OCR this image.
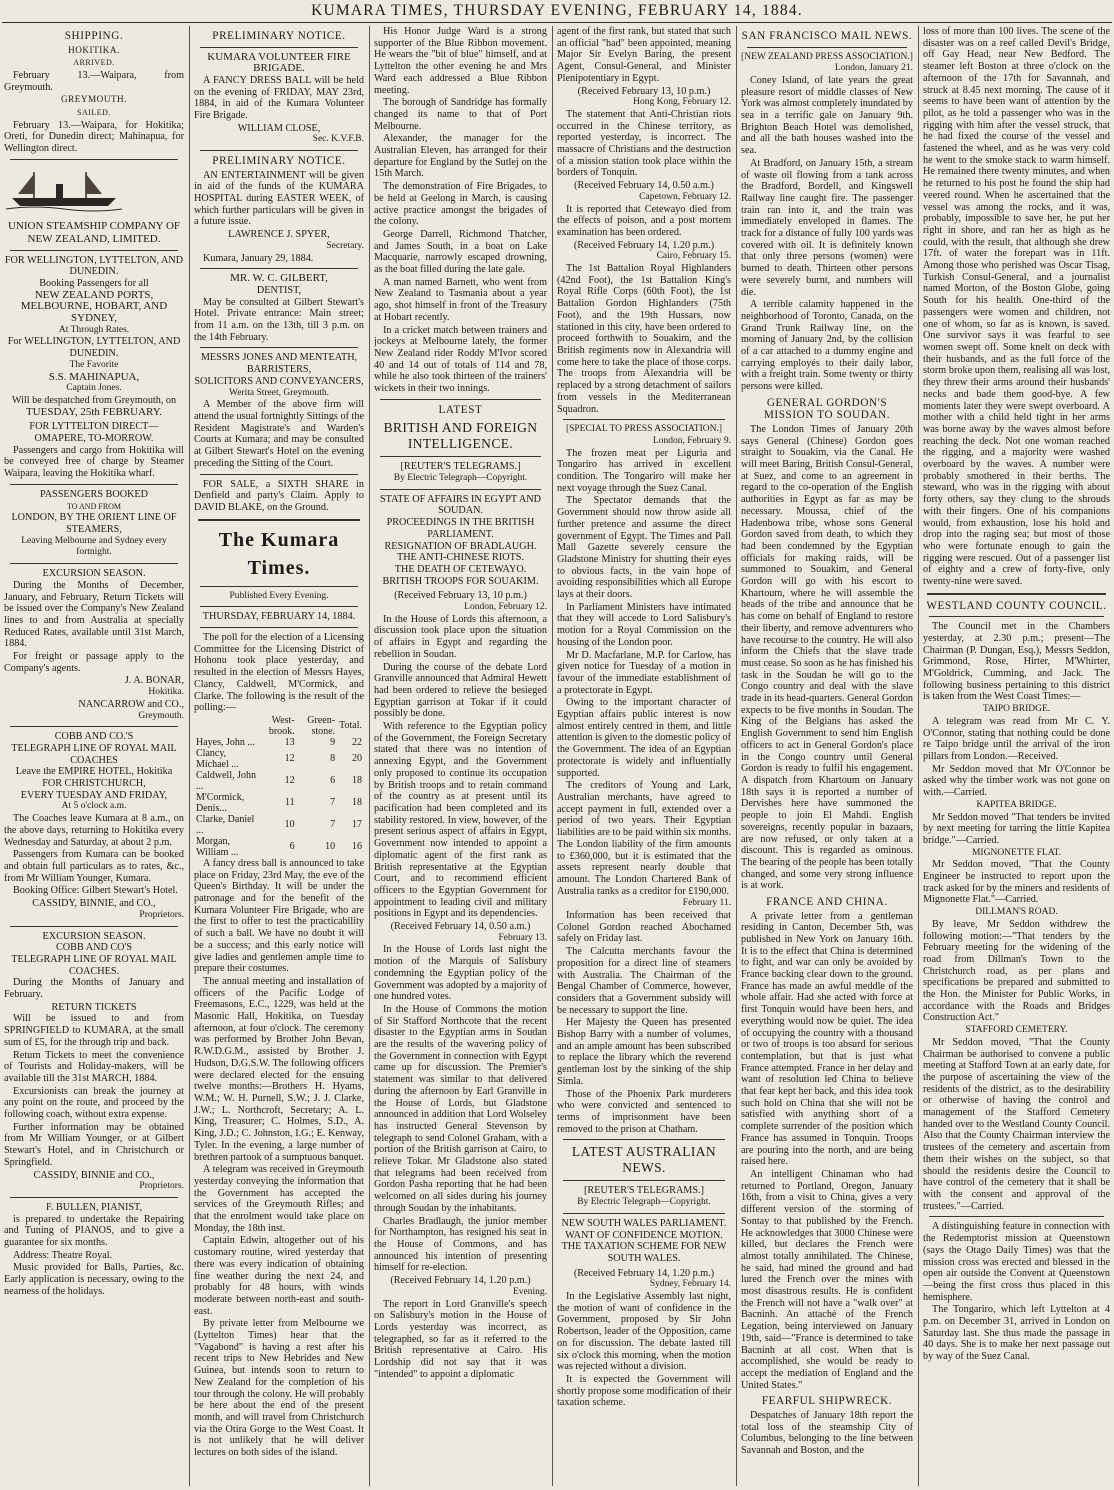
KUMARA TIMES, THURSDAY EVENING, FEBRUARY 14, 1884.
SHIPPING.
HOKITIKA.
ARRIVED.

February 13.—Waipara, from Greymouth.

GREYMOUTH.
SAILED.

February 13.—Waipara, for Hokitika; Oreti, for Dunedin direct; Mahinapua, for Wellington direct.

UNION STEAMSHIP COMPANY OF NEW ZEALAND, LIMITED.
FOR WELLINGTON, LYTTELTON, AND DUNEDIN.
Booking Passengers for all
NEW ZEALAND PORTS, MELBOURNE, HOBART, AND SYDNEY,
At Through Rates.
For WELLINGTON, LYTTELTON, AND DUNEDIN.
The Favorite
S.S. MAHINAPUA,
Captain Jones.
Will be despatched from Greymouth, on
TUESDAY, 25th FEBRUARY.
FOR LYTTELTON DIRECT—OMAPERE, TO-MORROW.

Passengers and cargo from Hokitika will be conveyed free of charge by Steamer Waipara, leaving the Hokitika wharf.

PASSENGERS BOOKED
TO AND FROM
LONDON, BY THE ORIENT LINE OF STEAMERS,
Leaving Melbourne and Sydney every fortnight.
EXCURSION SEASON.

During the Months of December, January, and February, Return Tickets will be issued over the Company's New Zealand lines to and from Australia at specially Reduced Rates, available until 31st March, 1884.

For freight or passage apply to the Company's agents.

J. A. BONAR,
Hokitika.
NANCARROW and CO.,
Greymouth.
COBB AND CO.'S
TELEGRAPH LINE OF ROYAL MAIL COACHES
Leave the EMPIRE HOTEL, Hokitika
FOR CHRISTCHURCH,
EVERY TUESDAY AND FRIDAY,
At 5 o'clock a.m.

The Coaches leave Kumara at 8 a.m., on the above days, returning to Hokitika every Wednesday and Saturday, at about 2 p.m.

Passengers from Kumara can be booked and obtain full particulars as to rates, &c., from Mr William Younger, Kumara.

Booking Office: Gilbert Stewart's Hotel.

CASSIDY, BINNIE, and CO.,
Proprietors.
EXCURSION SEASON.
COBB AND CO'S
TELEGRAPH LINE OF ROYAL MAIL COACHES.

During the Months of January and February.

RETURN TICKETS

Will be issued to and from SPRINGFIELD to KUMARA, at the small sum of £5, for the through trip and back.

Return Tickets to meet the convenience of Tourists and Holiday-makers, will be available till the 31st MARCH, 1884.

Excursionists can break the journey at any point on the route, and proceed by the following coach, without extra expense.

Further information may be obtained from Mr William Younger, or at Gilbert Stewart's Hotel, and in Christchurch or Springfield.

CASSIDY, BINNIE and CO.,
Proprietors.
F. BULLEN, PIANIST,

is prepared to undertake the Repairing and Tuning of PIANOS, and to give a guarantee for six months.

Address: Theatre Royal.

Music provided for Balls, Parties, &c. Early application is necessary, owing to the nearness of the holidays.

PRELIMINARY NOTICE.
KUMARA VOLUNTEER FIRE BRIGADE.

A FANCY DRESS BALL will be held on the evening of FRIDAY, MAY 23rd, 1884, in aid of the Kumara Volunteer Fire Brigade.

WILLIAM CLOSE,
Sec. K.V.F.B.
PRELIMINARY NOTICE.

AN ENTERTAINMENT will be given in aid of the funds of the KUMARA HOSPITAL during EASTER WEEK, of which further particulars will be given in a future issue.

LAWRENCE J. SPYER,
Secretary.

Kumara, January 29, 1884.

MR. W. C. GILBERT,
DENTIST,

May be consulted at Gilbert Stewart's Hotel. Private entrance: Main street; from 11 a.m. on the 13th, till 3 p.m. on the 14th February.

MESSRS JONES AND MENTEATH,
BARRISTERS,
SOLICITORS AND CONVEYANCERS,
Werita Street, Greymouth.

A Member of the above firm will attend the usual fortnightly Sittings of the Resident Magistrate's and Warden's Courts at Kumara; and may be consulted at Gilbert Stewart's Hotel on the evening preceding the Sitting of the Court.

FOR SALE, a SIXTH SHARE in Denfield and party's Claim. Apply to DAVID BLAKE, on the Ground.

The Kumara Times.
Published Every Evening.
THURSDAY, FEBRUARY 14, 1884.

The poll for the election of a Licensing Committee for the Licensing District of Hohonu took place yesterday, and resulted in the election of Messrs Hayes, Clancy, Caldwell, M'Cormick, and Clarke. The following is the result of the polling:—

	West-brook.	Green-stone.	Total.
Hayes, John ...	13	9	22
Clancy, Michael ...	12	8	20
Caldwell, John ...	12	6	18
M'Cormick, Denis...	11	7	18
Clarke, Daniel ...	10	7	17
Morgan, William ...	6	10	16

A fancy dress ball is announced to take place on Friday, 23rd May, the eve of the Queen's Birthday. It will be under the patronage and for the benefit of the Kumara Volunteer Fire Brigade, who are the first to offer to test the practicability of such a ball. We have no doubt it will be a success; and this early notice will give ladies and gentlemen ample time to prepare their costumes.

The annual meeting and installation of officers of the Pacific Lodge of Freemasons, E.C., 1229, was held at the Masonic Hall, Hokitika, on Tuesday afternoon, at four o'clock. The ceremony was performed by Brother John Bevan, R.W.D.G.M., assisted by Brother J. Hudson, D.G.S.W. The following officers were declared elected for the ensuing twelve months:—Brothers H. Hyams, W.M.; W. H. Purnell, S.W.; J. J. Clarke, J.W.; L. Northcroft, Secretary; A. L. King, Treasurer; C. Holmes, S.D., A. King, J.D.; C. Johnston, I.G.; E. Kenway, Tyler. In the evening, a large number of brethren partook of a sumptuous banquet.

A telegram was received in Greymouth yesterday conveying the information that the Government has accepted the services of the Greymouth Rifles; and that the enrolment would take place on Monday, the 18th inst.

Captain Edwin, altogether out of his customary routine, wired yesterday that there was every indication of obtaining fine weather during the next 24, and probably for 48 hours, with winds moderate between north-east and south-east.

By private letter from Melbourne we (Lyttelton Times) hear that the "Vagabond" is having a rest after his recent trips to New Hebrides and New Guinea, but intends soon to return to New Zealand for the completion of his tour through the colony. He will probably be here about the end of the present month, and will travel from Christchurch via the Otira Gorge to the West Coast. It is not unlikely that he will deliver lectures on both sides of the island.

His Honor Judge Ward is a strong supporter of the Blue Ribbon movement. He wears the "bit of blue" himself, and at Lyttelton the other evening he and Mrs Ward each addressed a Blue Ribbon meeting.

The borough of Sandridge has formally changed its name to that of Port Melbourne.

Alexander, the manager for the Australian Eleven, has arranged for their departure for England by the Sutlej on the 15th March.

The demonstration of Fire Brigades, to be held at Geelong in March, is causing active practice amongst the brigades of the colony.

George Darrell, Richmond Thatcher, and James South, in a boat on Lake Macquarie, narrowly escaped drowning, as the boat filled during the late gale.

A man named Barnett, who went from New Zealand to Tasmania about a year ago, shot himself in front of the Treasury at Hobart recently.

In a cricket match between trainers and jockeys at Melbourne lately, the former New Zealand rider Roddy M'Ivor scored 40 and 14 out of totals of 114 and 78, while he also took thirteen of the trainers' wickets in their two innings.

LATEST
BRITISH AND FOREIGN INTELLIGENCE.
[REUTER'S TELEGRAMS.]
By Electric Telegraph—Copyright.
STATE OF AFFAIRS IN EGYPT AND SOUDAN.
PROCEEDINGS IN THE BRITISH PARLIAMENT.
RESIGNATION OF BRADLAUGH.
THE ANTI-CHINESE RIOTS.
THE DEATH OF CETEWAYO.
BRITISH TROOPS FOR SOUAKIM.
(Received February 13, 10 p.m.)
London, February 12.

In the House of Lords this afternoon, a discussion took place upon the situation of affairs in Egypt and regarding the rebellion in Soudan.

During the course of the debate Lord Granville announced that Admiral Hewett had been ordered to relieve the besieged Egyptian garrison at Tokar if it could possibly be done.

With reference to the Egyptian policy of the Government, the Foreign Secretary stated that there was no intention of annexing Egypt, and the Government only proposed to continue its occupation by British troops and to retain command of the country as at present until its pacification had been completed and its stability restored. In view, however, of the present serious aspect of affairs in Egypt, Government now intended to appoint a diplomatic agent of the first rank as British representative at the Egyptian Court, and to recommend efficient officers to the Egyptian Government for appointment to leading civil and military positions in Egypt and its dependencies.

(Received February 14, 0.50 a.m.)
February 13.

In the House of Lords last night the motion of the Marquis of Salisbury condemning the Egyptian policy of the Government was adopted by a majority of one hundred votes.

In the House of Commons the motion of Sir Stafford Northcote that the recent disaster to the Egyptian arms in Soudan are the results of the wavering policy of the Government in connection with Egypt came up for discussion. The Premier's statement was similar to that delivered during the afternoon by Earl Granville in the House of Lords, but Gladstone announced in addition that Lord Wolseley has instructed General Stevenson by telegraph to send Colonel Graham, with a portion of the British garrison at Cairo, to relieve Tokar. Mr Gladstone also stated that telegrams had been received from Gordon Pasha reporting that he had been welcomed on all sides during his journey through Soudan by the inhabitants.

Charles Bradlaugh, the junior member for Northampton, has resigned his seat in the House of Commons, and has announced his intention of presenting himself for re-election.

(Received February 14, 1.20 p.m.)
Evening.

The report in Lord Granville's speech on Salisbury's motion in the House of Lords yesterday was incorrect, as telegraphed, so far as it referred to the British representative at Cairo. His Lordship did not say that it was "intended" to appoint a diplomatic

agent of the first rank, but stated that such an official "had" been appointed, meaning Major Sir Evelyn Baring, the present Agent, Consul-General, and Minister Plenipotentiary in Egypt.

(Received February 13, 10 p.m.)
Hong Kong, February 12.

The statement that Anti-Christian riots occurred in the Chinese territory, as reported yesterday, is incorrect. The massacre of Christians and the destruction of a mission station took place within the borders of Tonquin.

(Received February 14, 0.50 a.m.)
Capetown, February 12.

It is reported that Cetewayo died from the effects of poison, and a post mortem examination has been ordered.

(Received February 14, 1.20 p.m.)
Cairo, February 15.

The 1st Battalion Royal Highlanders (42nd Foot), the 1st Battalion King's Royal Rifle Corps (60th Foot), the 1st Battalion Gordon Highlanders (75th Foot), and the 19th Hussars, now stationed in this city, have been ordered to proceed forthwith to Souakim, and the British regiments now in Alexandria will come here to take the place of those corps. The troops from Alexandria will be replaced by a strong detachment of sailors from vessels in the Mediterranean Squadron.

[SPECIAL TO PRESS ASSOCIATION.]
London, February 9.

The frozen meat per Liguria and Tongariro has arrived in excellent condition. The Tongariro will make her next voyage through the Suez Canal.

The Spectator demands that the Government should now throw aside all further pretence and assume the direct government of Egypt. The Times and Pall Mall Gazette severely censure the Gladstone Ministry for shutting their eyes to obvious facts, in the vain hope of avoiding responsibilities which all Europe lays at their doors.

In Parliament Ministers have intimated that they will accede to Lord Salisbury's motion for a Royal Commission on the housing of the London poor.

Mr D. Macfarlane, M.P. for Carlow, has given notice for Tuesday of a motion in favour of the immediate establishment of a protectorate in Egypt.

Owing to the important character of Egyptian affairs public interest is now almost entirely centred in them, and little attention is given to the domestic policy of the Government. The idea of an Egyptian protectorate is widely and influentially supported.

The creditors of Young and Lark, Australian merchants, have agreed to accept payment in full, extended over a period of two years. Their Egyptian liabilities are to be paid within six months. The London liability of the firm amounts to £360,000, but it is estimated that the assets represent nearly double that amount. The London Chartered Bank of Australia ranks as a creditor for £190,000.

February 11.

Information has been received that Colonel Gordon reached Abochamed safely on Friday last.

The Calcutta merchants favour the proposition for a direct line of steamers with Australia. The Chairman of the Bengal Chamber of Commerce, however, considers that a Government subsidy will be necessary to support the line.

Her Majesty the Queen has presented Bishop Barry with a number of volumes, and an ample amount has been subscribed to replace the library which the reverend gentleman lost by the sinking of the ship Simla.

Those of the Phoenix Park murderers who were convicted and sentenced to terms of imprisonment have been removed to the prison at Chatham.

LATEST AUSTRALIAN NEWS.
[REUTER'S TELEGRAMS.]
By Electric Telegraph—Copyright.
NEW SOUTH WALES PARLIAMENT.
WANT OF CONFIDENCE MOTION.
THE TAXATION SCHEME FOR NEW SOUTH WALES.
(Received February 14, 1.20 p.m.)
Sydney, February 14.

In the Legislative Assembly last night, the motion of want of confidence in the Government, proposed by Sir John Robertson, leader of the Opposition, came on for discussion. The debate lasted till six o'clock this morning, when the motion was rejected without a division.

It is expected the Government will shortly propose some modification of their taxation scheme.

SAN FRANCISCO MAIL NEWS.
[NEW ZEALAND PRESS ASSOCIATION.]
London, January 21.

Coney Island, of late years the great pleasure resort of middle classes of New York was almost completely inundated by sea in a terrific gale on January 9th. Brighton Beach Hotel was demolished, and all the bath houses washed into the sea.

At Bradford, on January 15th, a stream of waste oil flowing from a tank across the Bradford, Bordell, and Kingswell Railway line caught fire. The passenger train ran into it, and the train was immediately enveloped in flames. The track for a distance of fully 100 yards was covered with oil. It is definitely known that only three persons (women) were burned to death. Thirteen other persons were severely burnt, and numbers will die.

A terrible calamity happened in the neighborhood of Toronto, Canada, on the Grand Trunk Railway line, on the morning of January 2nd, by the collision of a car attached to a dummy engine and carrying employés to their daily labor, with a freight train. Some twenty or thirty persons were killed.

GENERAL GORDON'S MISSION TO SOUDAN.

The London Times of January 20th says General (Chinese) Gordon goes straight to Souakim, via the Canal. He will meet Baring, British Consul-General, at Suez, and come to an agreement in regard to the co-operation of the English authorities in Egypt as far as may be necessary. Moussa, chief of the Hadenbowa tribe, whose sons General Gordon saved from death, to which they had been condemned by the Egyptian officials for making raids, will be summoned to Souakim, and General Gordon will go with his escort to Khartoum, where he will assemble the heads of the tribe and announce that he has come on behalf of England to restore their liberty, and remove adventurers who have recourse to the country. He will also inform the Chiefs that the slave trade must cease. So soon as he has finished his task in the Soudan he will go to the Congo country and deal with the slave trade in its head-quarters. General Gordon expects to be five months in Soudan. The King of the Belgians has asked the English Government to send him English officers to act in General Gordon's place in the Congo country until General Gordon is ready to fulfil his engagement. A dispatch from Khartoum on January 18th says it is reported a number of Dervishes here have summoned the people to join El Mahdi. English sovereigns, recently popular in bazaars, are now refused, or only taken at a discount. This is regarded as ominous. The bearing of the people has been totally changed, and some very strong influence is at work.

FRANCE AND CHINA.

A private letter from a gentleman residing in Canton, December 5th, was published in New York on January 16th. It is to the effect that China is determined to fight, and war can only be avoided by France backing clear down to the ground. France has made an awful meddle of the whole affair. Had she acted with force at first Tonquin would have been hers, and everything would now be quiet. The idea of occupying the country with a thousand or two of troops is too absurd for serious contemplation, but that is just what France attempted. France in her delay and want of resolution led China to believe that fear kept her back, and this idea took such hold on China that she will not be satisfied with anything short of a complete surrender of the position which France has assumed in Tonquin. Troops are pouring into the north, and are being raised here.

An intelligent Chinaman who had returned to Portland, Oregon, January 16th, from a visit to China, gives a very different version of the storming of Sontay to that published by the French. He acknowledges that 3000 Chinese were killed, but declares the French were almost totally annihilated. The Chinese, he said, had mined the ground and had lured the French over the mines with most disastrous results. He is confident the French will not have a "walk over" at Bacninh. An attaché of the French Legation, being interviewed on January 19th, said—"France is determined to take Bacninh at all cost. When that is accomplished, she would be ready to accept the mediation of England and the United States."

FEARFUL SHIPWRECK.

Despatches of January 18th report the total loss of the steamship City of Columbus, belonging to the line between Savannah and Boston, and the

loss of more than 100 lives. The scene of the disaster was on a reef called Devil's Bridge, off Gay Head, near New Bedford. The steamer left Boston at three o'clock on the afternoon of the 17th for Savannah, and struck at 8.45 next morning. The cause of it seems to have been want of attention by the pilot, as he told a passenger who was in the rigging with him after the vessel struck, that he had fixed the course of the vessel and fastened the wheel, and as he was very cold he went to the smoke stack to warm himself. He remained there twenty minutes, and when he returned to his post he found the ship had veered round. When he ascertained that the vessel was among the rocks, and it was, probably, impossible to save her, he put her right in shore, and ran her as high as he could, with the result, that although she drew 17ft. of water the forepart was in 11ft. Among those who perished was Oscar Tisag, Turkish Consul-General, and a journalist named Morton, of the Boston Globe, going South for his health. One-third of the passengers were women and children, not one of whom, so far as is known, is saved. One survivor says it was fearful to see women swept off. Some knelt on deck with their husbands, and as the full force of the storm broke upon them, realising all was lost, they threw their arms around their husbands' necks and bade them good-bye. A few moments later they were swept overboard. A mother with a child held tight in her arms was borne away by the waves almost before reaching the deck. Not one woman reached the rigging, and a majority were washed overboard by the waves. A number were probably smothered in their berths. The steward, who was in the rigging with about forty others, say they clung to the shrouds with their fingers. One of his companions would, from exhaustion, lose his hold and drop into the raging sea; but most of those who were fortunate enough to gain the rigging were rescued. Out of a passenger list of eighty and a crew of forty-five, only twenty-nine were saved.

WESTLAND COUNTY COUNCIL.

The Council met in the Chambers yesterday, at 2.30 p.m.; present—The Chairman (P. Dungan, Esq.), Messrs Seddon, Grimmond, Rose, Hirter, M'Whirter, M'Goldrick, Cumming, and Jack. The following business pertaining to this district is taken from the West Coast Times:—

TAIPO BRIDGE.

A telegram was read from Mr C. Y. O'Connor, stating that nothing could be done re Taipo bridge until the arrival of the iron pillars from London.—Received.

Mr Seddon moved that Mr O'Connor be asked why the timber work was not gone on with.—Carried.

KAPITEA BRIDGE.

Mr Seddon moved "That tenders be invited by next meeting for tarring the little Kapitea bridge."—Carried.

MIGNONETTE FLAT.

Mr Seddon moved, "That the County Engineer be instructed to report upon the track asked for by the miners and residents of Mignonette Flat."—Carried.

DILLMAN'S ROAD.

By leave, Mr Seddon withdrew the following motion:—"That tenders by the February meeting for the widening of the road from Dillman's Town to the Christchurch road, as per plans and specifications be prepared and submitted to the Hon. the Minister for Public Works, in accordance with the Roads and Bridges Construction Act."

STAFFORD CEMETERY.

Mr Seddon moved, "That the County Chairman be authorised to convene a public meeting at Stafford Town at an early date, for the purpose of ascertaining the view of the residents of the district, as to the desirability or otherwise of having the control and management of the Stafford Cemetery handed over to the Westland County Council. Also that the County Chairman interview the trustees of the cemetery and ascertain from them their wishes on the subject, so that should the residents desire the Council to have control of the cemetery that it shall be with the consent and approval of the trustees."—Carried.

A distinguishing feature in connection with the Redemptorist mission at Queenstown (says the Otago Daily Times) was that the mission cross was erected and blessed in the open air outside the Convent at Queenstown—being the first cross thus placed in this hemisphere.

The Tongariro, which left Lyttelton at 4 p.m. on December 31, arrived in London on Saturday last. She thus made the passage in 40 days. She is to make her next passage out by way of the Suez Canal.
